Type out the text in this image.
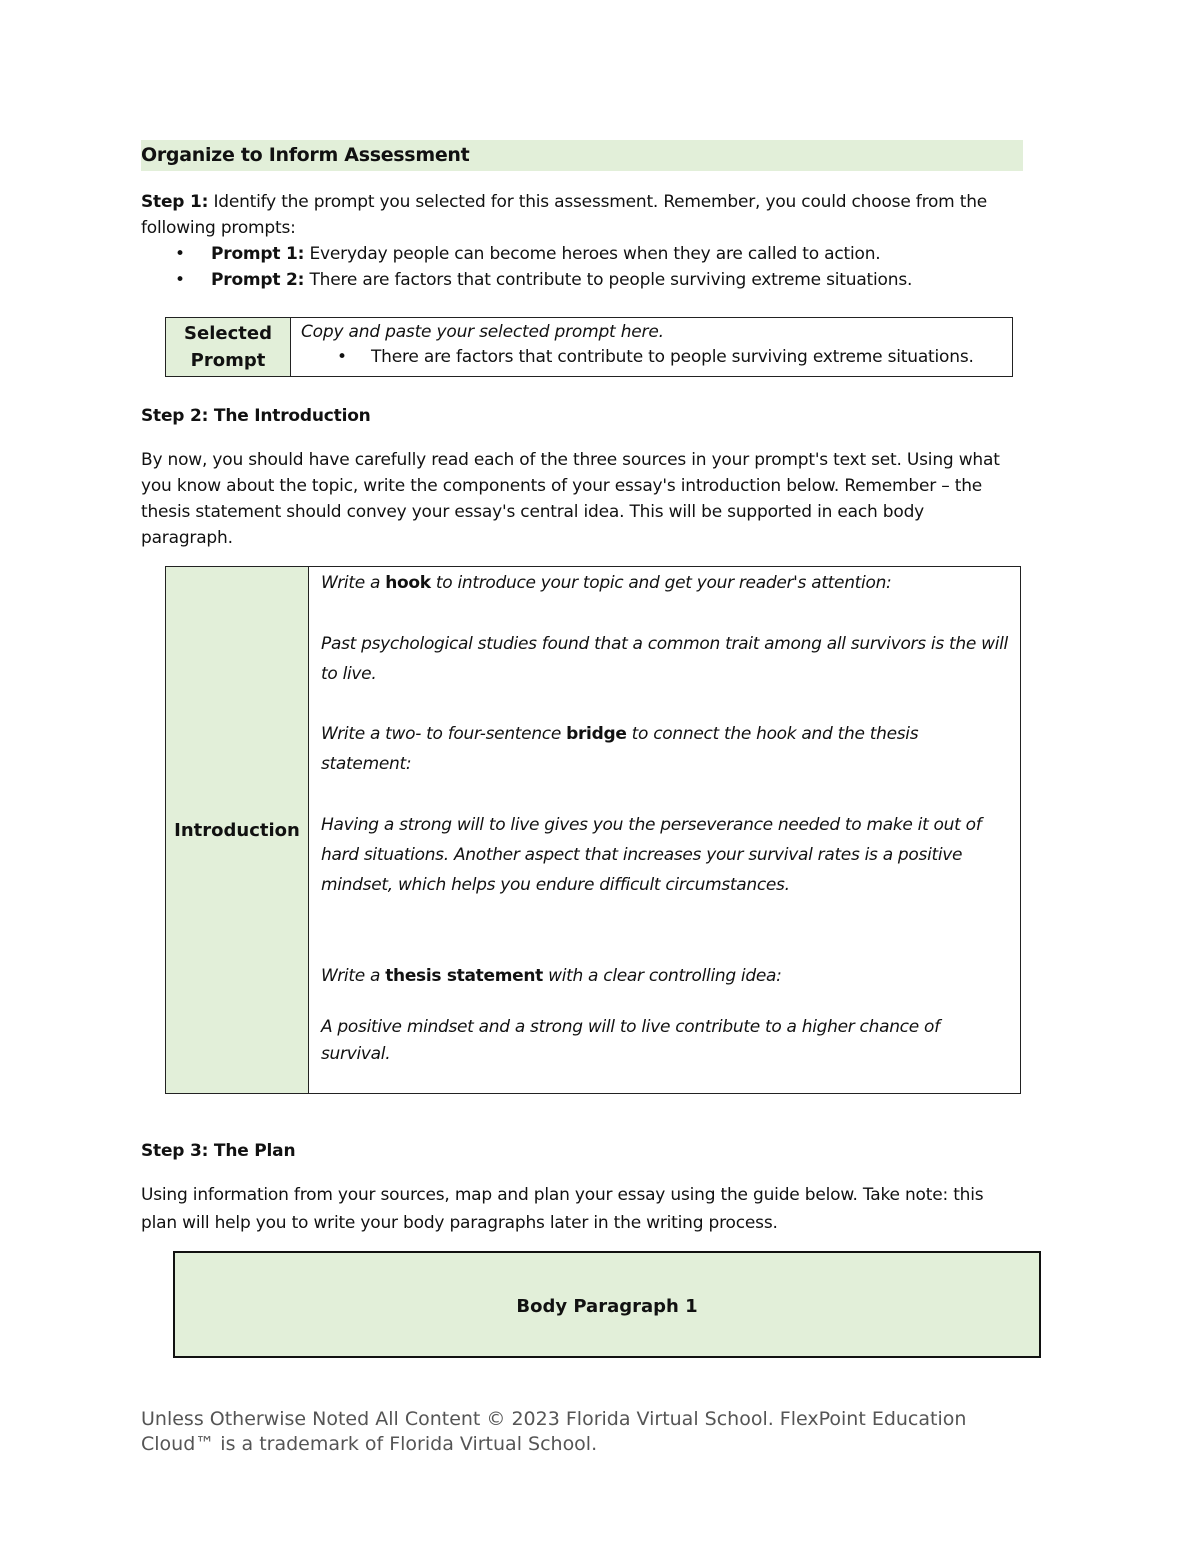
Organize to Inform Assessment
Step 1: Identify the prompt you selected for this assessment. Remember, you could choose from the following prompts:
• Prompt 1: Everyday people can become heroes when they are called to action.
• Prompt 2: There are factors that contribute to people surviving extreme situations.
Selected Prompt	
Copy and paste your selected prompt here.
• There are factors that contribute to people surviving extreme situations.
Step 2: The Introduction
By now, you should have carefully read each of the three sources in your prompt's text set. Using what you know about the topic, write the components of your essay's introduction below. Remember – the thesis statement should convey your essay's central idea. This will be supported in each body paragraph.
Introduction	
Write a hook to introduce your topic and get your reader's attention:
Past psychological studies found that a common trait among all survivors is the will to live.
Write a two- to four-sentence bridge to connect the hook and the thesis statement:
Having a strong will to live gives you the perseverance needed to make it out of hard situations. Another aspect that increases your survival rates is a positive mindset, which helps you endure difficult circumstances.
Write a thesis statement with a clear controlling idea:
A positive mindset and a strong will to live contribute to a higher chance of survival.
Step 3: The Plan
Using information from your sources, map and plan your essay using the guide below. Take note: this plan will help you to write your body paragraphs later in the writing process.
Body Paragraph 1
Unless Otherwise Noted All Content © 2023 Florida Virtual School. FlexPoint Education Cloud™ is a trademark of Florida Virtual School.
